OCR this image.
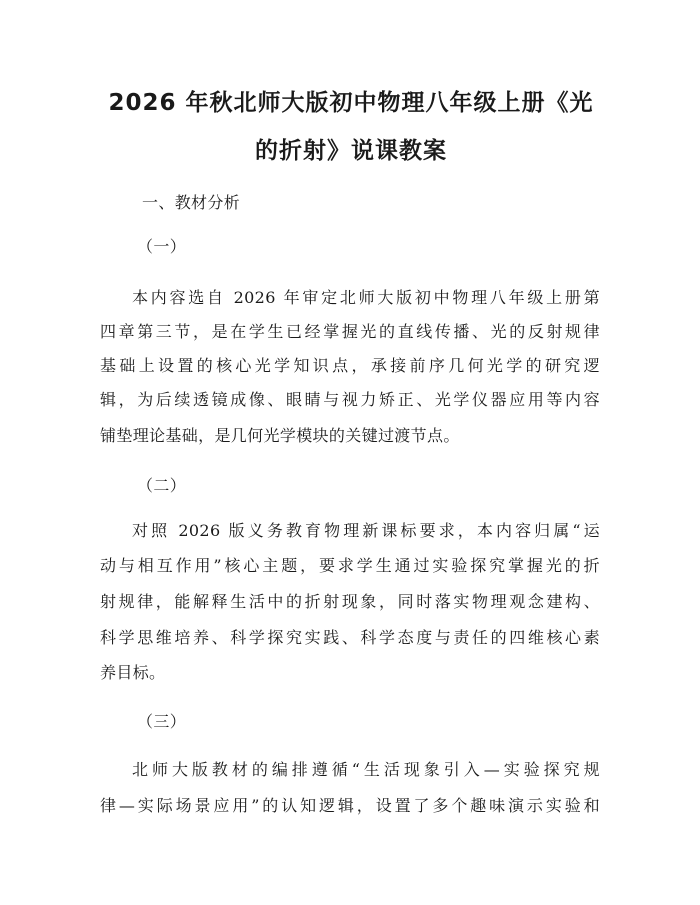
2026 年秋北师大版初中物理八年级上册《光
的折射》说课教案
一、教材分析
（一）
本内容选自 2026 年审定北师大版初中物理八年级上册第
四章第三节，是在学生已经掌握光的直线传播、光的反射规律
基础上设置的核心光学知识点，承接前序几何光学的研究逻
辑，为后续透镜成像、眼睛与视力矫正、光学仪器应用等内容
铺垫理论基础，是几何光学模块的关键过渡节点。
（二）
对照 2026 版义务教育物理新课标要求，本内容归属“运
动与相互作用”核心主题，要求学生通过实验探究掌握光的折
射规律，能解释生活中的折射现象，同时落实物理观念建构、
科学思维培养、科学探究实践、科学态度与责任的四维核心素
养目标。
（三）
北师大版教材的编排遵循“生活现象引入—实验探究规
律—实际场景应用”的认知逻辑，设置了多个趣味演示实验和
